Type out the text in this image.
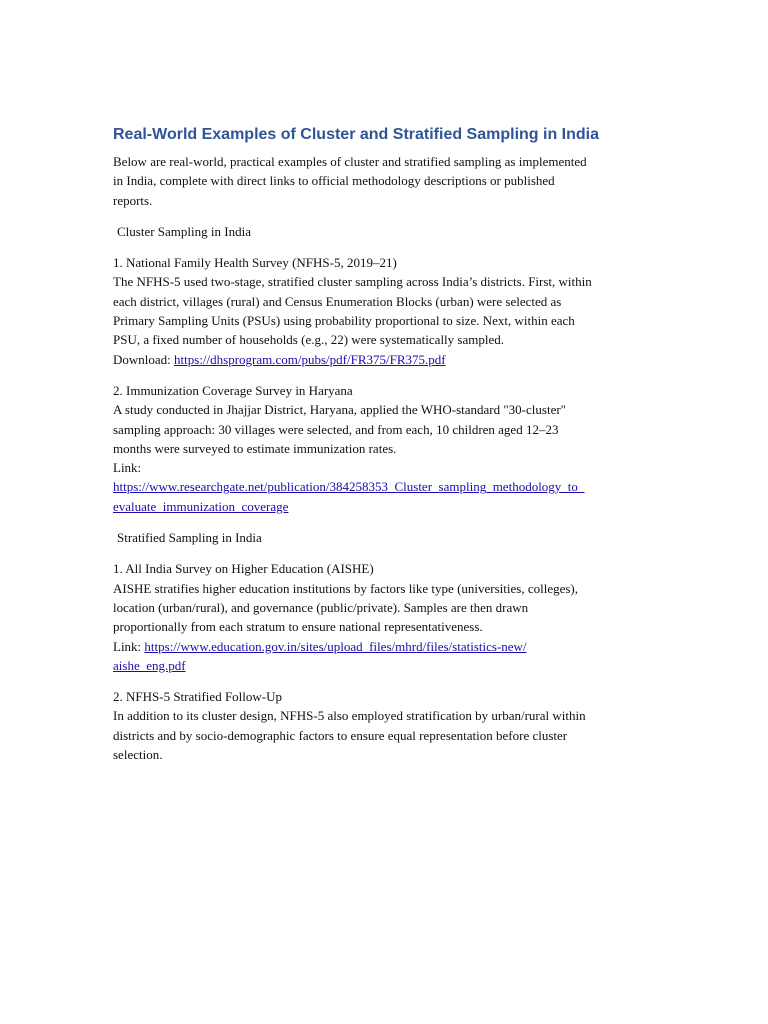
Real-World Examples of Cluster and Stratified Sampling in India

Below are real-world, practical examples of cluster and stratified sampling as implemented
in India, complete with direct links to official methodology descriptions or published
reports.

Cluster Sampling in India

1. National Family Health Survey (NFHS-5, 2019–21)
The NFHS-5 used two-stage, stratified cluster sampling across India’s districts. First, within
each district, villages (rural) and Census Enumeration Blocks (urban) were selected as
Primary Sampling Units (PSUs) using probability proportional to size. Next, within each
PSU, a fixed number of households (e.g., 22) were systematically sampled.
Download: https://dhsprogram.com/pubs/pdf/FR375/FR375.pdf

2. Immunization Coverage Survey in Haryana
A study conducted in Jhajjar District, Haryana, applied the WHO-standard "30-cluster"
sampling approach: 30 villages were selected, and from each, 10 children aged 12–23
months were surveyed to estimate immunization rates.
Link:
https://www.researchgate.net/publication/384258353_Cluster_sampling_methodology_to_
evaluate_immunization_coverage

Stratified Sampling in India

1. All India Survey on Higher Education (AISHE)
AISHE stratifies higher education institutions by factors like type (universities, colleges),
location (urban/rural), and governance (public/private). Samples are then drawn
proportionally from each stratum to ensure national representativeness.
Link: https://www.education.gov.in/sites/upload_files/mhrd/files/statistics-new/
aishe_eng.pdf

2. NFHS-5 Stratified Follow-Up
In addition to its cluster design, NFHS-5 also employed stratification by urban/rural within
districts and by socio-demographic factors to ensure equal representation before cluster
selection.
